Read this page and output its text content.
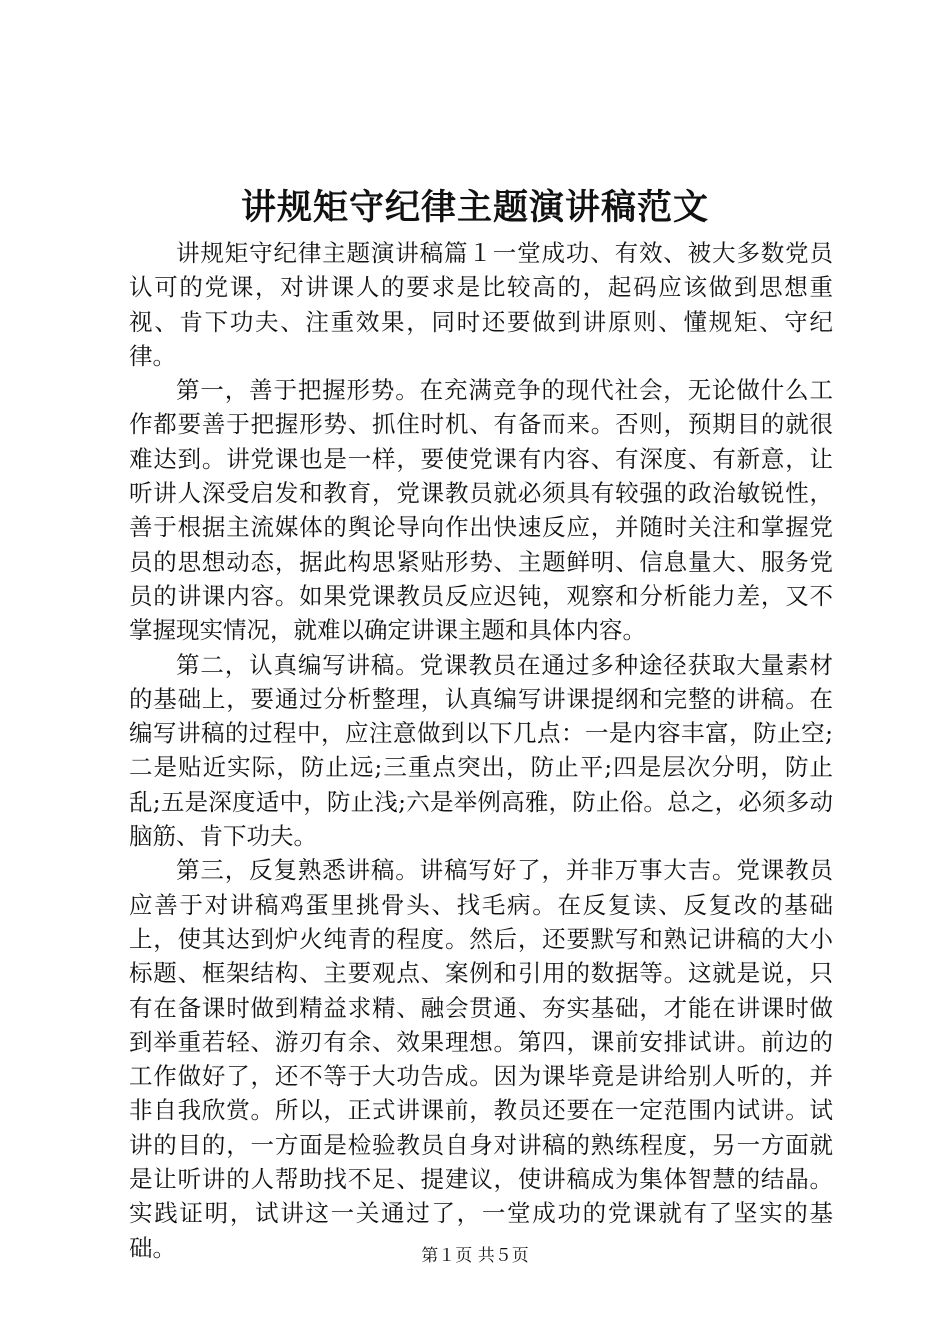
讲规矩守纪律主题演讲稿范文

讲规矩守纪律主题演讲稿篇１一堂成功、有效、被大多数党员认可的党课，对讲课人的要求是比较高的，起码应该做到思想重视、肯下功夫、注重效果，同时还要做到讲原则、懂规矩、守纪律。

第一，善于把握形势。在充满竞争的现代社会，无论做什么工作都要善于把握形势、抓住时机、有备而来。否则，预期目的就很难达到。讲党课也是一样，要使党课有内容、有深度、有新意，让听讲人深受启发和教育，党课教员就必须具有较强的政治敏锐性，善于根据主流媒体的舆论导向作出快速反应，并随时关注和掌握党员的思想动态，据此构思紧贴形势、主题鲜明、信息量大、服务党员的讲课内容。如果党课教员反应迟钝，观察和分析能力差，又不掌握现实情况，就难以确定讲课主题和具体内容。

第二，认真编写讲稿。党课教员在通过多种途径获取大量素材的基础上，要通过分析整理，认真编写讲课提纲和完整的讲稿。在编写讲稿的过程中，应注意做到以下几点：一是内容丰富，防止空;二是贴近实际，防止远;三重点突出，防止平;四是层次分明，防止乱;五是深度适中，防止浅;六是举例高雅，防止俗。总之，必须多动脑筋、肯下功夫。

第三，反复熟悉讲稿。讲稿写好了，并非万事大吉。党课教员应善于对讲稿鸡蛋里挑骨头、找毛病。在反复读、反复改的基础上，使其达到炉火纯青的程度。然后，还要默写和熟记讲稿的大小标题、框架结构、主要观点、案例和引用的数据等。这就是说，只有在备课时做到精益求精、融会贯通、夯实基础，才能在讲课时做到举重若轻、游刃有余、效果理想。第四，课前安排试讲。前边的工作做好了，还不等于大功告成。因为课毕竟是讲给别人听的，并非自我欣赏。所以，正式讲课前，教员还要在一定范围内试讲。试讲的目的，一方面是检验教员自身对讲稿的熟练程度，另一方面就是让听讲的人帮助找不足、提建议，使讲稿成为集体智慧的结晶。实践证明，试讲这一关通过了，一堂成功的党课就有了坚实的基础。	第１页 共５页
